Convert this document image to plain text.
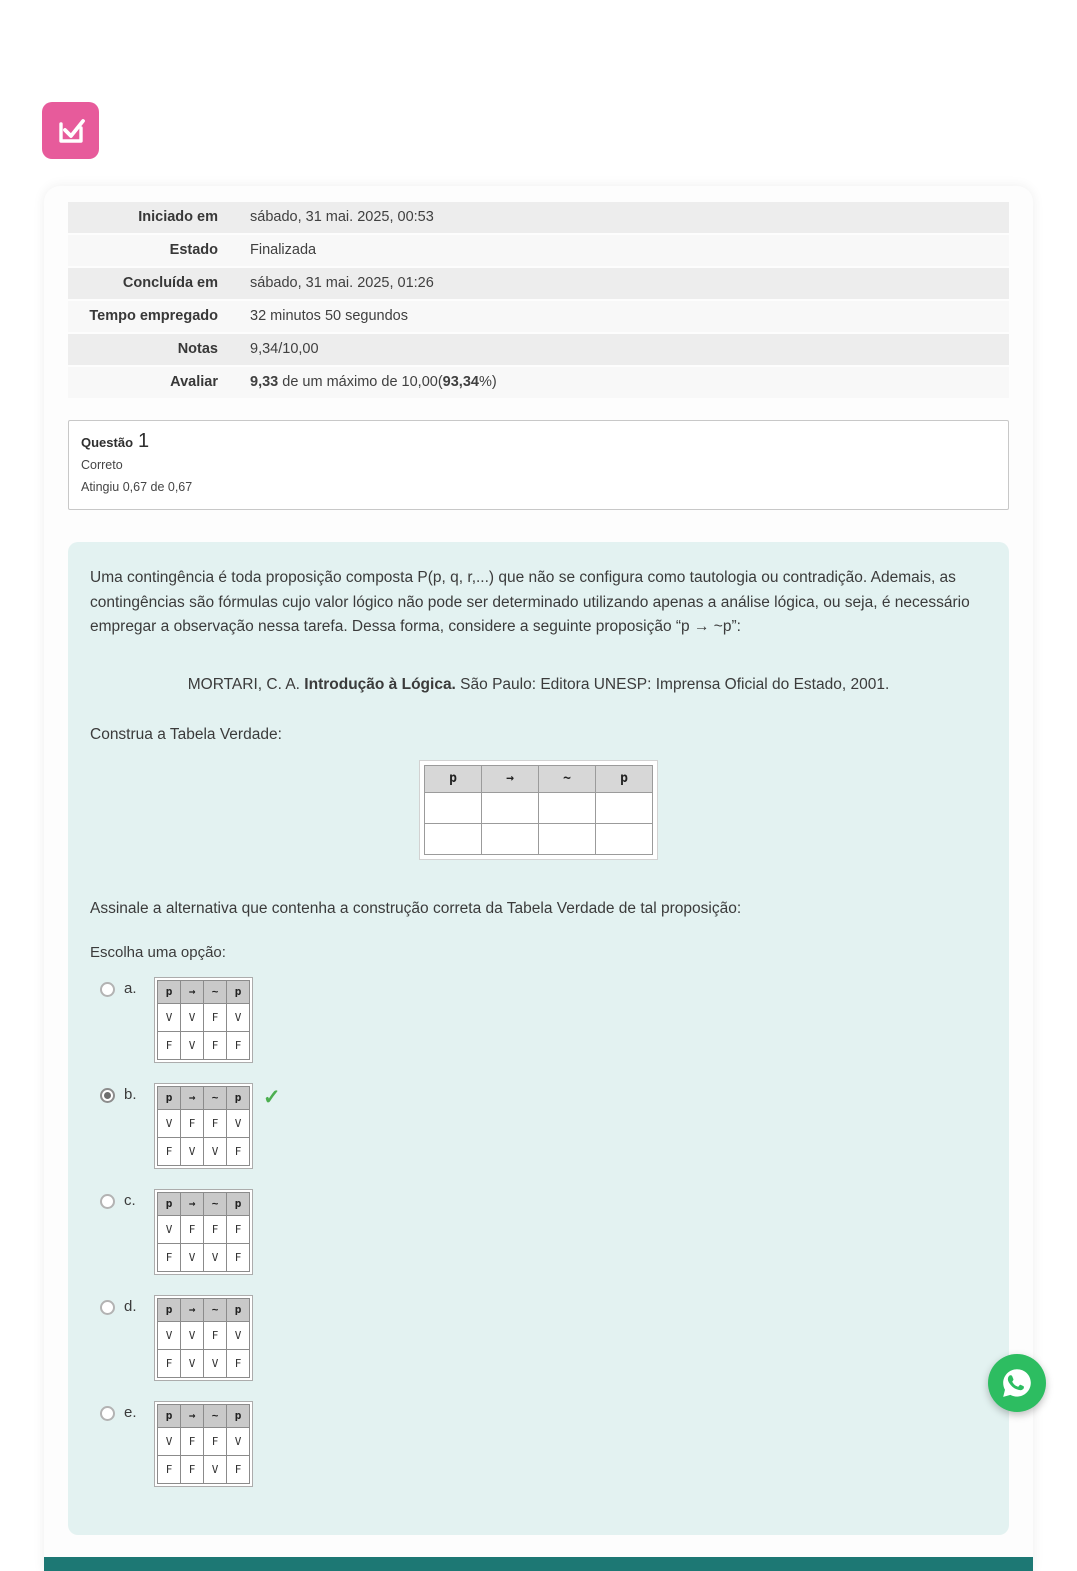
Iniciado em	sábado, 31 mai. 2025, 00:53
Estado	Finalizada
Concluída em	sábado, 31 mai. 2025, 01:26
Tempo empregado	32 minutos 50 segundos
Notas	9,34/10,00
Avaliar	9,33 de um máximo de 10,00(93,34%)
Questão 1
Correto
Atingiu 0,67 de 0,67

Uma contingência é toda proposição composta P(p, q, r,...) que não se configura como tautologia ou contradição. Ademais, as contingências são fórmulas cujo valor lógico não pode ser determinado utilizando apenas a análise lógica, ou seja, é necessário empregar a observação nessa tarefa. Dessa forma, considere a seguinte proposição “p → ~p”:

MORTARI, C. A. Introdução à Lógica. São Paulo: Editora UNESP: Imprensa Oficial do Estado, 2001.

Construa a Tabela Verdade:

p	→	~	p

Assinale a alternativa que contenha a construção correta da Tabela Verdade de tal proposição:

Escolha uma opção:

a.	p	→	~	p
V	V	F	V
F	V	F	F
b.	p	→	~	p
V	F	F	V
F	V	V	F
✓
c.	p	→	~	p
V	F	F	F
F	V	V	F
d.	p	→	~	p
V	V	F	V
F	V	V	F
e.	p	→	~	p
V	F	F	V
F	F	V	F
